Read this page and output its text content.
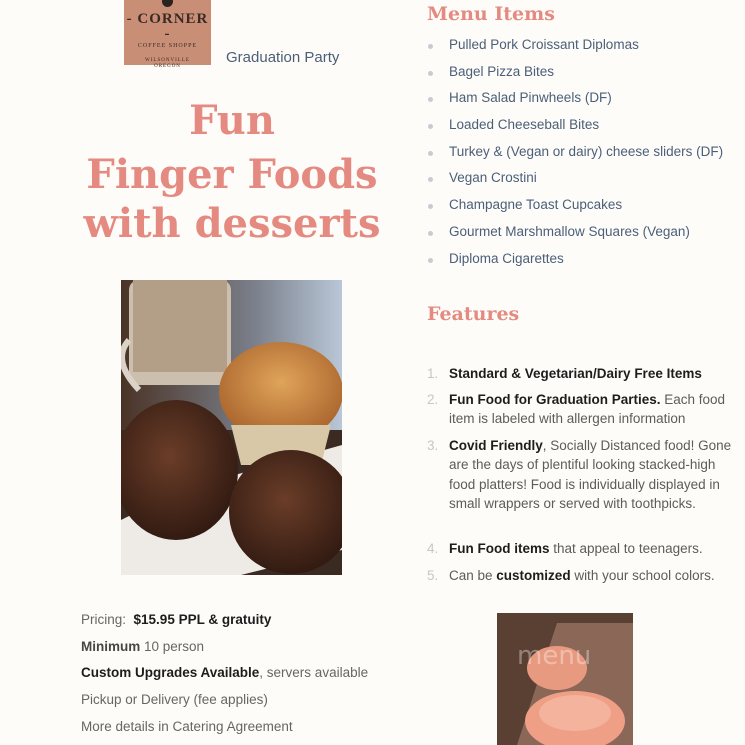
- CORNER -
COFFEE SHOPPE
WILSONVILLE
OREGON
Graduation Party
Fun
Finger Foods
with desserts
Menu Items
Pulled Pork Croissant Diplomas
Bagel Pizza Bites
Ham Salad Pinwheels (DF)
Loaded Cheeseball Bites
Turkey & (Vegan or dairy) cheese sliders (DF)
Vegan Crostini
Champagne Toast Cupcakes
Gourmet Marshmallow Squares (Vegan)
Diploma Cigarettes
Features
1. Standard & Vegetarian/Dairy Free Items
2. Fun Food for Graduation Parties. Each food item is labeled with allergen information
3. Covid Friendly, Socially Distanced food! Gone are the days of plentiful looking stacked-high food platters! Food is individually displayed in small wrappers or served with toothpicks.
4. Fun Food items that appeal to teenagers.
5. Can be customized with your school colors.
Pricing: $15.95 PPL & gratuity
Minimum 10 person
Custom Upgrades Available, servers available
Pickup or Delivery (fee applies)
More details in Catering Agreement
menu
